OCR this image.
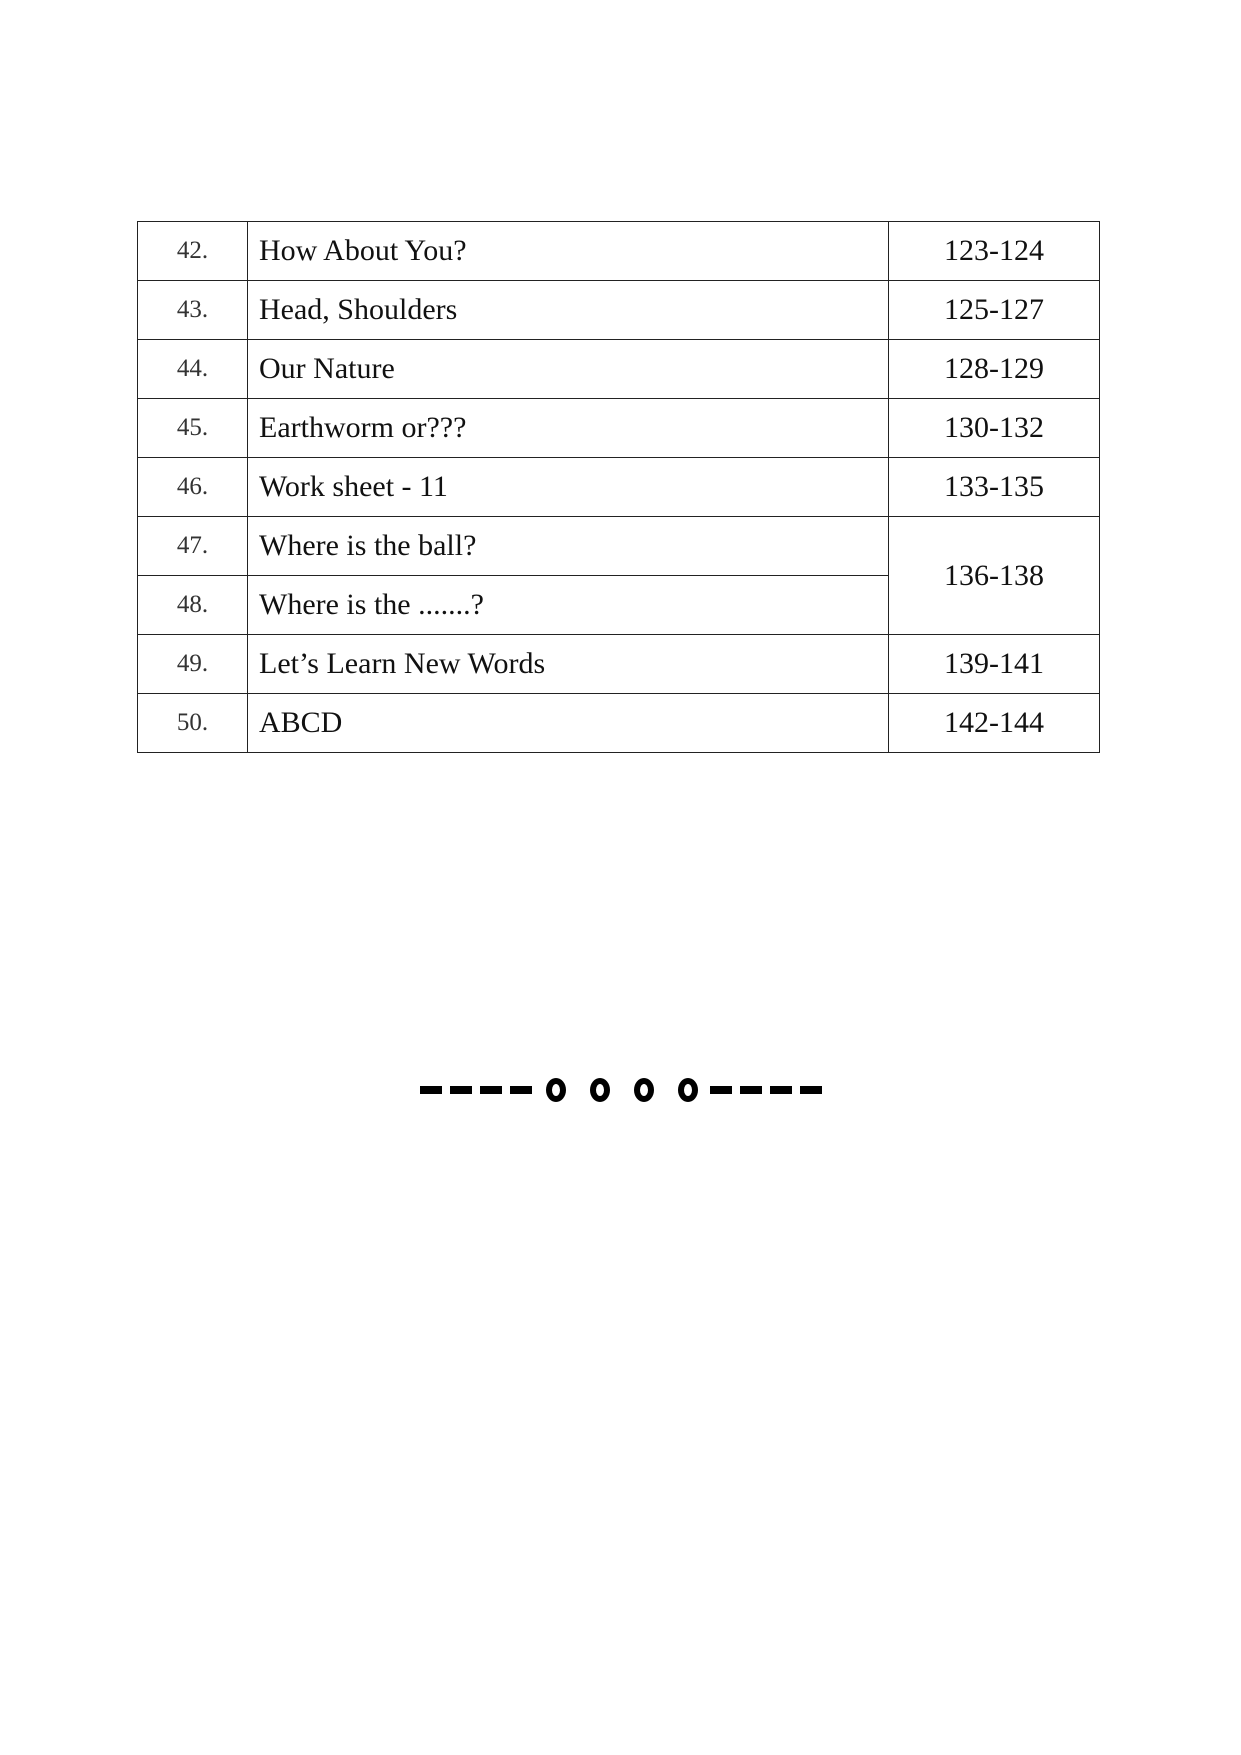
42.	How About You?	123-124
43.	Head, Shoulders	125-127
44.	Our Nature	128-129
45.	Earthworm or???	130-132
46.	Work sheet - 11	133-135
47.	Where is the ball?	136-138
48.	Where is the .......?	
49.	Let’s Learn New Words	139-141
50.	ABCD	142-144
